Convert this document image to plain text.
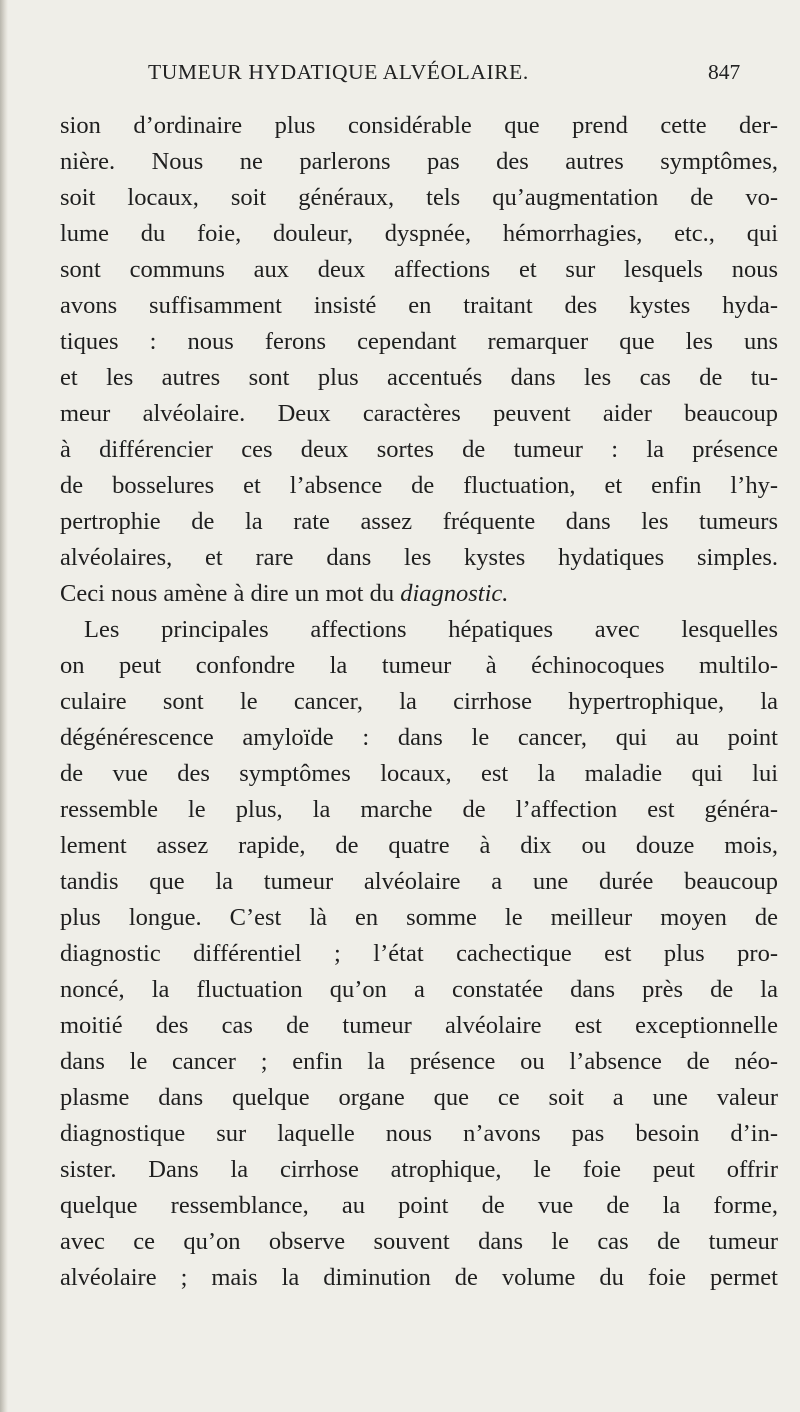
TUMEUR HYDATIQUE ALVÉOLAIRE.	847
sion d’ordinaire plus considérable que prend cette der-
nière. Nous ne parlerons pas des autres symptômes,
soit locaux, soit généraux, tels qu’augmentation de vo-
lume du foie, douleur, dyspnée, hémorrhagies, etc., qui
sont communs aux deux affections et sur lesquels nous
avons suffisamment insisté en traitant des kystes hyda-
tiques : nous ferons cependant remarquer que les uns
et les autres sont plus accentués dans les cas de tu-
meur alvéolaire. Deux caractères peuvent aider beaucoup
à différencier ces deux sortes de tumeur : la présence
de bosselures et l’absence de fluctuation, et enfin l’hy-
pertrophie de la rate assez fréquente dans les tumeurs
alvéolaires, et rare dans les kystes hydatiques simples.
Ceci nous amène à dire un mot du diagnostic.
Les principales affections hépatiques avec lesquelles
on peut confondre la tumeur à échinocoques multilo-
culaire sont le cancer, la cirrhose hypertrophique, la
dégénérescence amyloïde : dans le cancer, qui au point
de vue des symptômes locaux, est la maladie qui lui
ressemble le plus, la marche de l’affection est généra-
lement assez rapide, de quatre à dix ou douze mois,
tandis que la tumeur alvéolaire a une durée beaucoup
plus longue. C’est là en somme le meilleur moyen de
diagnostic différentiel ; l’état cachectique est plus pro-
noncé, la fluctuation qu’on a constatée dans près de la
moitié des cas de tumeur alvéolaire est exceptionnelle
dans le cancer ; enfin la présence ou l’absence de néo-
plasme dans quelque organe que ce soit a une valeur
diagnostique sur laquelle nous n’avons pas besoin d’in-
sister. Dans la cirrhose atrophique, le foie peut offrir
quelque ressemblance, au point de vue de la forme,
avec ce qu’on observe souvent dans le cas de tumeur
alvéolaire ; mais la diminution de volume du foie permet
